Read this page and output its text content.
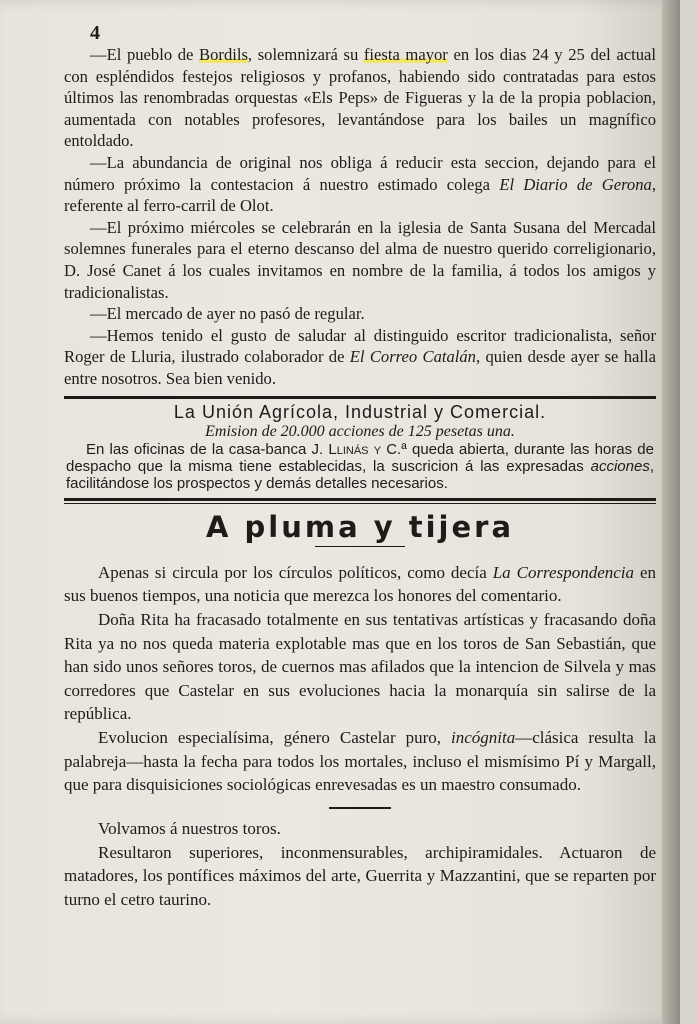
4

—El pueblo de Bordils, solemnizará su fiesta mayor en los dias 24 y 25 del actual con espléndidos festejos religiosos y profanos, habiendo sido contratadas para estos últimos las renombradas orquestas «Els Peps» de Figueras y la de la propia poblacion, aumentada con notables profesores, levantándose para los bailes un magnífico entoldado.

—La abundancia de original nos obliga á reducir esta seccion, dejando para el número próximo la contestacion á nuestro estimado colega El Diario de Gerona, referente al ferro-carril de Olot.

—El próximo miércoles se celebrarán en la iglesia de Santa Susana del Mercadal solemnes funerales para el eterno descanso del alma de nuestro querido correligionario, D. José Canet á los cuales invitamos en nombre de la familia, á todos los amigos y tradicionalistas.

—El mercado de ayer no pasó de regular.

—Hemos tenido el gusto de saludar al distinguido escritor tradicionalista, señor Roger de Lluria, ilustrado colaborador de El Correo Catalán, quien desde ayer se halla entre nosotros. Sea bien venido.

La Unión Agrícola, Industrial y Comercial.
Emision de 20.000 acciones de 125 pesetas una.

En las oficinas de la casa-banca J. Llinás y C.ª queda abierta, durante las horas de despacho que la misma tiene establecidas, la suscricion á las expresadas acciones, facilitándose los prospectos y demás detalles necesarios.

A pluma y tijera

Apenas si circula por los círculos políticos, como decía La Correspondencia en sus buenos tiempos, una noticia que merezca los honores del comentario.

Doña Rita ha fracasado totalmente en sus tentativas artísticas y fracasando doña Rita ya no nos queda materia explotable mas que en los toros de San Sebastián, que han sido unos señores toros, de cuernos mas afilados que la intencion de Silvela y mas corredores que Castelar en sus evoluciones hacia la monarquía sin salirse de la república.

Evolucion especialísima, género Castelar puro, incógnita—clásica resulta la palabreja—hasta la fecha para todos los mortales, incluso el mismísimo Pí y Margall, que para disquisiciones sociológicas enrevesadas es un maestro consumado.

Volvamos á nuestros toros.

Resultaron superiores, inconmensurables, archipiramidales. Actuaron de matadores, los pontífices máximos del arte, Guerrita y Mazzantini, que se reparten por turno el cetro taurino.
